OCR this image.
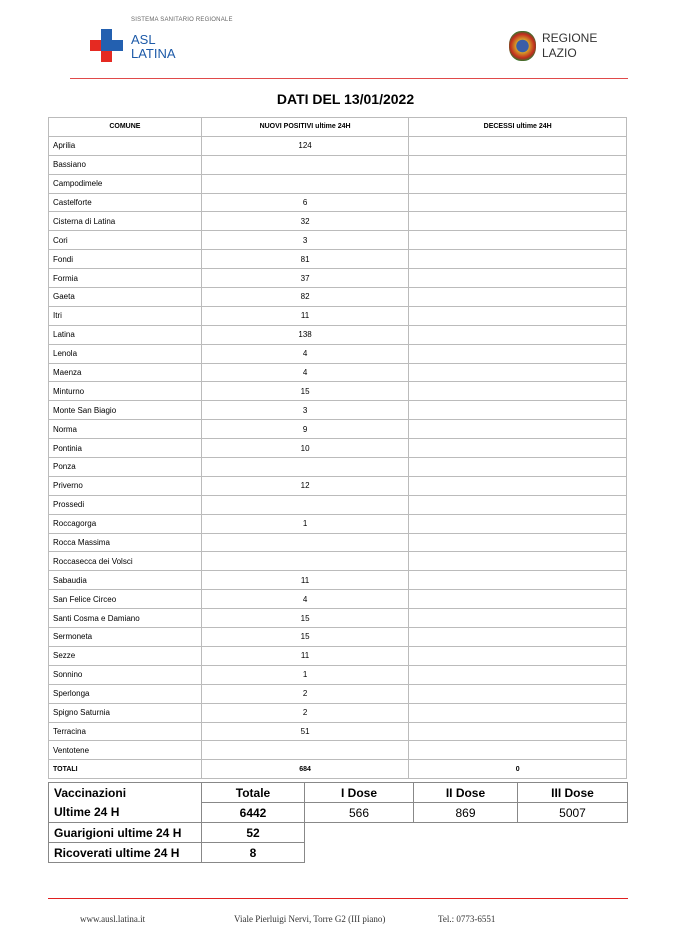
SISTEMA SANITARIO REGIONALE
ASL
LATINA
REGIONE
LAZIO
DATI DEL 13/01/2022
COMUNE	NUOVI POSITIVI ultime 24H	DECESSI ultime 24H
Aprilia	124	
Bassiano		
Campodimele		
Castelforte	6	
Cisterna di Latina	32	
Cori	3	
Fondi	81	
Formia	37	
Gaeta	82	
Itri	11	
Latina	138	
Lenola	4	
Maenza	4	
Minturno	15	
Monte San Biagio	3	
Norma	9	
Pontinia	10	
Ponza		
Priverno	12	
Prossedi		
Roccagorga	1	
Rocca Massima		
Roccasecca dei Volsci		
Sabaudia	11	
San Felice Circeo	4	
Santi Cosma e Damiano	15	
Sermoneta	15	
Sezze	11	
Sonnino	1	
Sperlonga	2	
Spigno Saturnia	2	
Terracina	51	
Ventotene		
TOTALI	684	0
Vaccinazioni	Totale	I Dose	II Dose	III Dose
Ultime 24 H	6442	566	869	5007
Guarigioni ultime 24 H	52			
Ricoverati ultime 24 H	8			
www.ausl.latina.it	Viale Pierluigi Nervi, Torre G2 (III piano)	Tel.: 0773-6551
